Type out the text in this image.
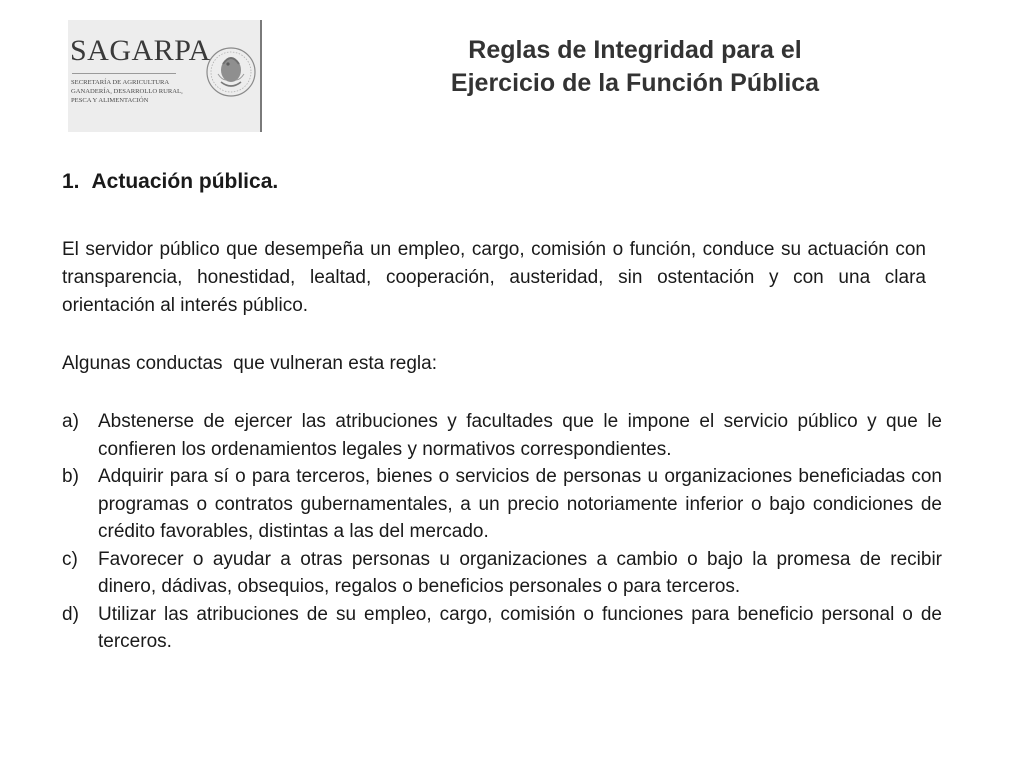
SAGARPA
SECRETARÍA DE AGRICULTURA GANADERÍA, DESARROLLO RURAL, PESCA Y ALIMENTACIÓN
Reglas de Integridad para el
Ejercicio de la Función Pública
1. Actuación pública.

El servidor público que desempeña un empleo, cargo, comisión o función, conduce su actuación con transparencia, honestidad, lealtad, cooperación, austeridad, sin ostentación y con una clara orientación al interés público.

Algunas conductas  que vulneran esta regla:

a) Abstenerse de ejercer las atribuciones y facultades que le impone el servicio público y que le confieren los ordenamientos legales y normativos correspondientes.
b) Adquirir para sí o para terceros, bienes o servicios de personas u organizaciones beneficiadas con programas o contratos gubernamentales, a un precio notoriamente inferior o bajo condiciones de crédito favorables, distintas a las del mercado.
c) Favorecer o ayudar a otras personas u organizaciones a cambio o bajo la promesa de recibir dinero, dádivas, obsequios, regalos o beneficios personales o para terceros.
d) Utilizar las atribuciones de su empleo, cargo, comisión o funciones para beneficio personal o de terceros.
